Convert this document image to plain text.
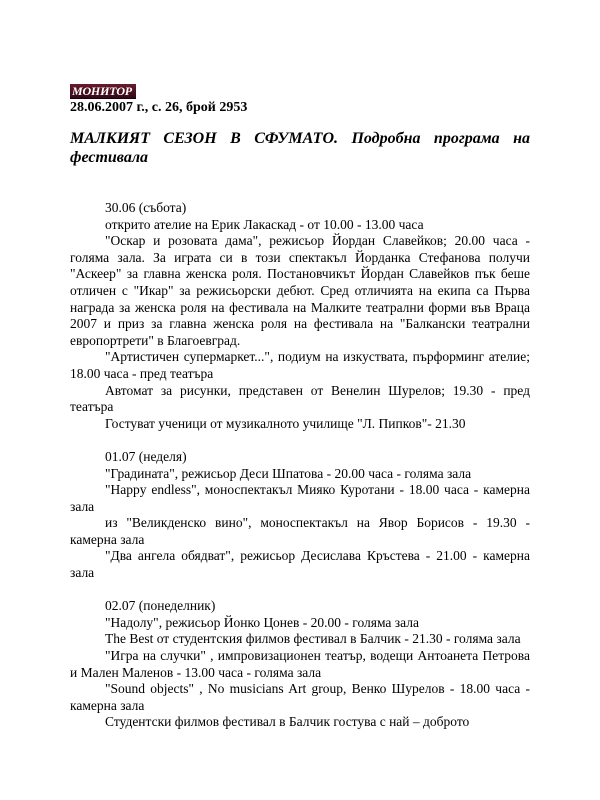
МОНИТОР
28.06.2007 г., с. 26, брой 2953
МАЛКИЯТ СЕЗОН В СФУМАТО. Подробна програма на фестивала

30.06 (събота)

открито ателие на Ерик Лакаскад - от 10.00 - 13.00 часа

"Оскар и розовата дама", режисьор Йордан Славейков; 20.00 часа - голяма зала. За играта си в този спектакъл Йорданка Стефанова получи "Аскеер" за главна женска роля. Постановчикът Йордан Славейков пък беше отличен с "Икар" за режисьорски дебют. Сред отличията на екипа са Първа награда за женска роля на фестивала на Малките театрални форми във Враца 2007 и приз за главна женска роля на фестивала на "Балкански театрални европортрети" в Благоевград.

"Артистичен супермаркет...", подиум на изкуствата, пърформинг ателие; 18.00 часа - пред театъра

Автомат за рисунки, представен от Венелин Шурелов; 19.30 - пред театъра

Гостуват ученици от музикалното училище "Л. Пипков"- 21.30

01.07 (неделя)

"Градината", режисьор Деси Шпатова - 20.00 часа - голяма зала

"Happy endless", моноспектакъл Мияко Куротани - 18.00 часа - камерна зала

из "Великденско вино", моноспектакъл на Явор Борисов - 19.30 - камерна зала

"Два ангела обядват", режисьор Десислава Кръстева - 21.00 - камерна зала

02.07 (понеделник)

"Надолу", режисьор Йонко Цонев - 20.00 - голяма зала

The Best от студентския филмов фестивал в Балчик - 21.30 - голяма зала

"Игра на случки" , импровизационен театър, водещи Антоанета Петрова и Мален Маленов - 13.00 часа - голяма зала

"Sound objects" , No musicians Art group, Венко Шурелов - 18.00 часа - камерна зала

Студентски филмов фестивал в Балчик гостува с най – доброто
